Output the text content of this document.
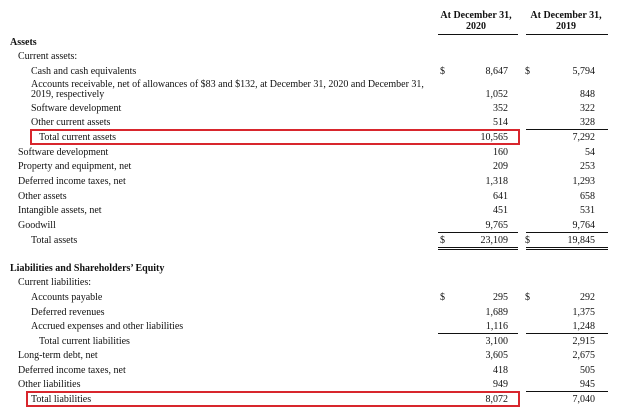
At December 31,
2020
At December 31,
2019
Assets
Current assets:
Cash and cash equivalents	$	8,647 $	5,794
Accounts receivable, net of allowances of $83 and $132, at December 31, 2020 and December 31,
2019, respectively	1,052	848
Software development	352	322
Other current assets	514	328
Total current assets	10,565	7,292
Software development	160	54
Property and equipment, net	209	253
Deferred income taxes, net	1,318	1,293
Other assets	641	658
Intangible assets, net	451	531
Goodwill	9,765	9,764
Total assets	$	23,109 $	19,845
Liabilities and Shareholders’ Equity
Current liabilities:
Accounts payable	$	295 $	292
Deferred revenues	1,689	1,375
Accrued expenses and other liabilities	1,116	1,248
Total current liabilities	3,100	2,915
Long-term debt, net	3,605	2,675
Deferred income taxes, net	418	505
Other liabilities	949	945
Total liabilities	8,072	7,040
